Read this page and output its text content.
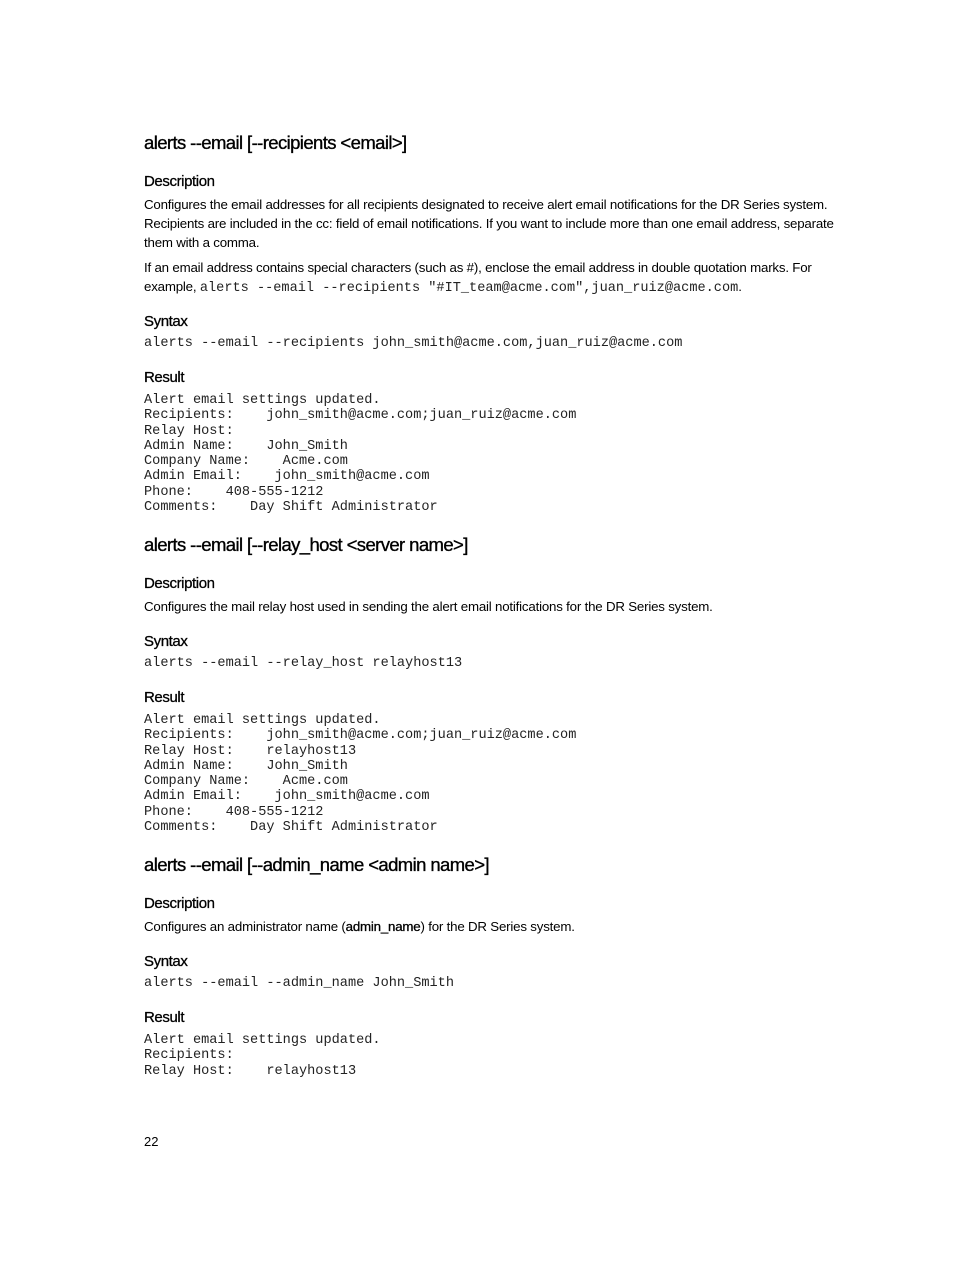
alerts --email [--recipients <email>]
Description

Configures the email addresses for all recipients designated to receive alert email notifications for the DR Series system. Recipients are included in the cc: field of email notifications. If you want to include more than one email address, separate them with a comma.

If an email address contains special characters (such as #), enclose the email address in double quotation marks. For example, alerts --email --recipients "#IT_team@acme.com",juan_ruiz@acme.com.

Syntax
alerts --email --recipients john_smith@acme.com,juan_ruiz@acme.com
Result
Alert email settings updated.
Recipients:    john_smith@acme.com;juan_ruiz@acme.com
Relay Host:
Admin Name:    John_Smith
Company Name:    Acme.com
Admin Email:    john_smith@acme.com
Phone:    408-555-1212
Comments:    Day Shift Administrator
alerts --email [--relay_host <server name>]
Description

Configures the mail relay host used in sending the alert email notifications for the DR Series system.

Syntax
alerts --email --relay_host relayhost13
Result
Alert email settings updated.
Recipients:    john_smith@acme.com;juan_ruiz@acme.com
Relay Host:    relayhost13
Admin Name:    John_Smith
Company Name:    Acme.com
Admin Email:    john_smith@acme.com
Phone:    408-555-1212
Comments:    Day Shift Administrator
alerts --email [--admin_name <admin name>]
Description

Configures an administrator name (admin_name) for the DR Series system.

Syntax
alerts --email --admin_name John_Smith
Result
Alert email settings updated.
Recipients:
Relay Host:    relayhost13
22
